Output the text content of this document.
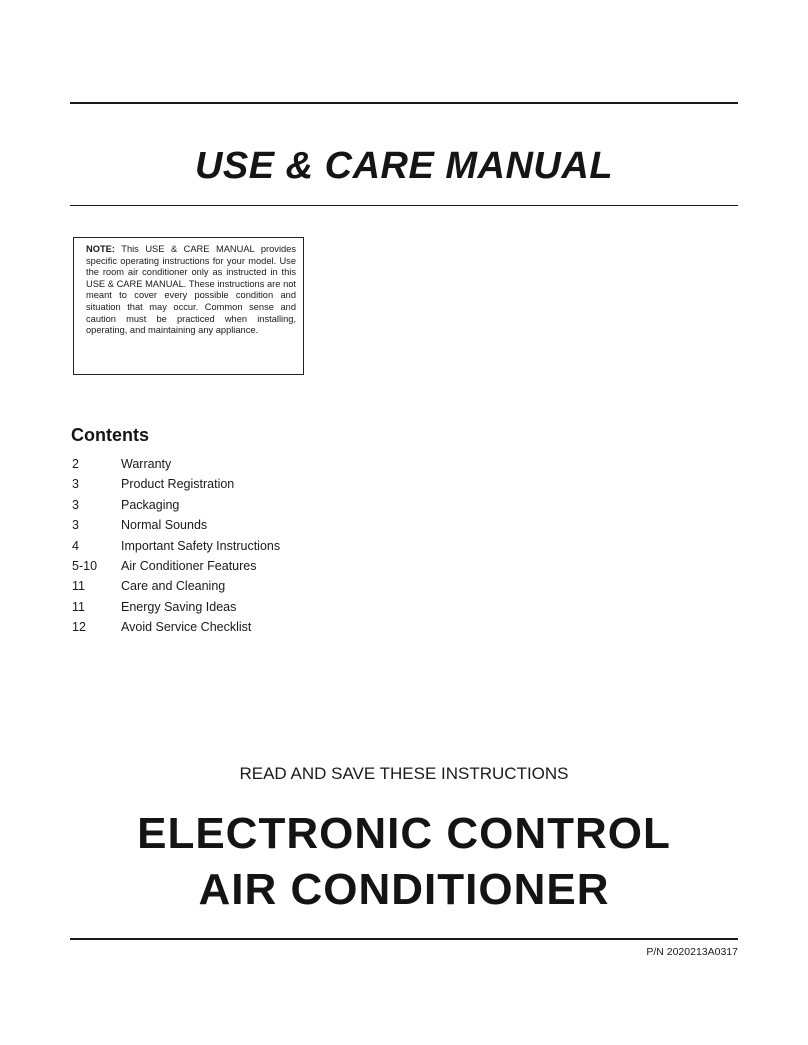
USE & CARE MANUAL
NOTE: This USE & CARE MANUAL provides specific operating instructions for your model. Use the room air conditioner only as instructed in this USE & CARE MANUAL. These instructions are not meant to cover every possible condition and situation that may occur. Common sense and caution must be practiced when installing, operating, and maintaining any appliance.
Contents
2	Warranty
3	Product Registration
3	Packaging
3	Normal Sounds
4	Important Safety Instructions
5-10	Air Conditioner Features
11	Care and Cleaning
11	Energy Saving Ideas
12	Avoid Service Checklist

READ AND SAVE THESE INSTRUCTIONS

ELECTRONIC CONTROL
AIR CONDITIONER
P/N 2020213A0317
